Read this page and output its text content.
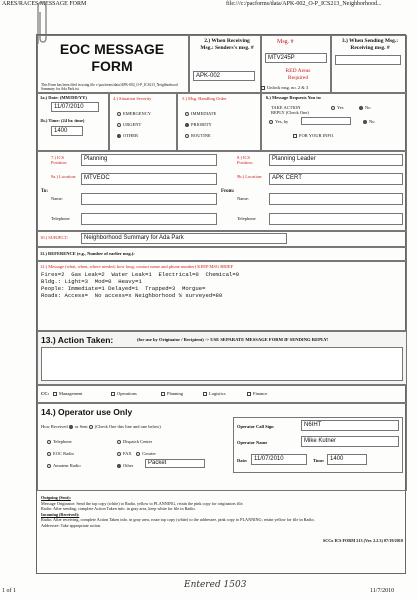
ARES/RACES MESSAGE FORM	file:///c:/pacforms/data/APK-002_O-P_ICS213_Neighborhood...
EOC MESSAGE FORM
This Form has been filed in using file c:\pacforms\data\APK-002_O-P_ICS213_Neighborhood Summary for Ada Park.txt
2.) When Receiving Msg.: Senders's msg. #
APK-002
Msg. #
MTV245P
RED Areas Required
3.) When Sending Msg.: Receiving msg. #
Unlock msg. no. 2 & 3
1a.) Date: (MM/DD/YY)
11/07/2010
1b.) Time: (24 hr. time)
1400
4.) Situation Severity
EMERGENCY
URGENT
OTHER
5.) Msg. Handling Order
IMMEDIATE
PRIORITY
ROUTINE
6.) Message Requests You to:
TAKE ACTION
REPLY (Check One)
Yes	No
Yes, by	No
FOR YOUR INFO.
To:
7.) ICS Position:
Planning
9a.) Location:	MTVEOC
Name:
Telephone
From:
8.) ICS Position:
Planning Leader
9b.) Location:	APK CERT
Name:
Telephone
10.) SUBJECT:	Neighborhood Summary for Ada Park
11.) REFERENCE (e.g., Number of earlier msg.):
12.) Message (what, when, where needed; how long; contact name and phone number) KEEP MSG BRIEF
Fires=2  Gas Leak=2  Water Leak=1  Electrical=0  Chemical=0
Bldg.: Light=3  Mod=0  Heavy=1
People: Immediate=1 Delayed=1  Trapped=3  Morgue=
Roads: Access=  No access=x Neighborhood % surveyed=80
13.) Action Taken:	(for use by Originator / Recipient) -> USE SEPARATE MESSAGE FORM IF SENDING REPLY!
CC:	Management	Operations	Planning	Logistics	Finance
14.) Operator use Only
How Received or Sent (Check One this line and one below)
Telephone
EOC Radio
Amateur Radio
Dispatch Center
FAX Courier
Other	Packet
Operator Call Sign	N6IHT
Operator Name	Mike Kutner
Date:	11/07/2010	Time: 1400
Outgoing (Sent):
Message Originator: Send the top copy (white) to Radio, yellow to PLANNING, retain the pink copy for originators file.
Radio: After sending, complete Action Taken info. in gray area, keep white for file in Radio.
Incoming (Received):
Radio: After receiving, complete Action Taken info. in gray area, route top copy (white) to the addressee, pink copy to PLANNING; retain yellow for file in Radio.
Addressee: Take appropriate action.
SCCo ICS FORM 213 (Ver. 2.2.3) 07/19/2010
1 of 1	11/7/2010
Entered 1503
